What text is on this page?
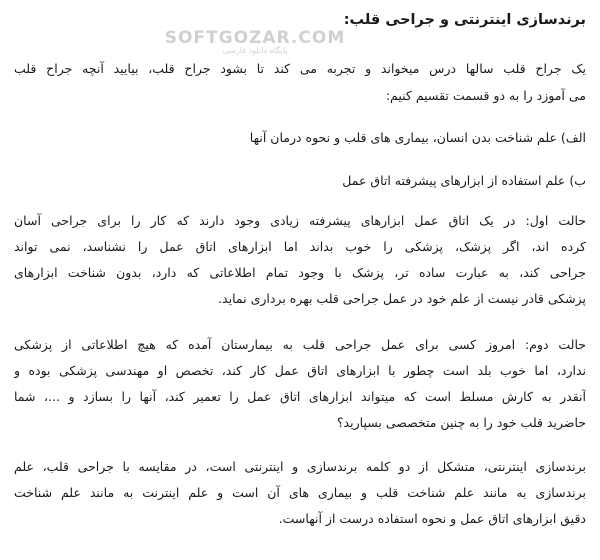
برندسازی اینترنتی و جراحی قلب:
SOFTGOZAR.COM
پایگاه دانلود فارسی
یک جراح قلب سالها درس میخواند و تجربه می کند تا بشود جراح قلب، بیایید آنچه جراح قلب
می آموزد را به دو قسمت تقسیم کنیم:
الف) علم شناخت بدن انسان، بیماری های قلب و نحوه درمان آنها
ب) علم استفاده از ابزارهای پیشرفته اتاق عمل
حالت اول: در یک اتاق عمل ابزارهای پیشرفته زیادی وجود دارند که کار را برای جراحی آسان
کرده اند، اگر پزشک، پزشکی را خوب بداند اما ابزارهای اتاق عمل را نشناسد، نمی تواند
جراحی کند، به عبارت ساده تر، پزشک با وجود تمام اطلاعاتی که دارد، بدون شناخت ابزارهای
پزشکی قادر نیست از علم خود در عمل جراحی قلب بهره برداری نماید.
حالت دوم: امروز کسی برای عمل جراحی قلب به بیمارستان آمده که هیچ اطلاعاتی از پزشکی
ندارد، اما خوب بلد است چطور با ابزارهای اتاق عمل کار کند، تخصص او مهندسی پزشکی بوده و
آنقدر به کارش مسلط است که میتواند ابزارهای اتاق عمل را تعمیر کند، آنها را بسازد و ...، شما
حاضرید قلب خود را به چنین متخصصی بسپارید؟
برندسازی اینترنتی، متشکل از دو کلمه برندسازی و اینترنتی است، در مقایسه با جراحی قلب، علم
برندسازی به مانند علم شناخت قلب و بیماری های آن است و علم اینترنت به مانند علم شناخت
دقیق ابزارهای اتاق عمل و نحوه استفاده درست از آنهاست.
